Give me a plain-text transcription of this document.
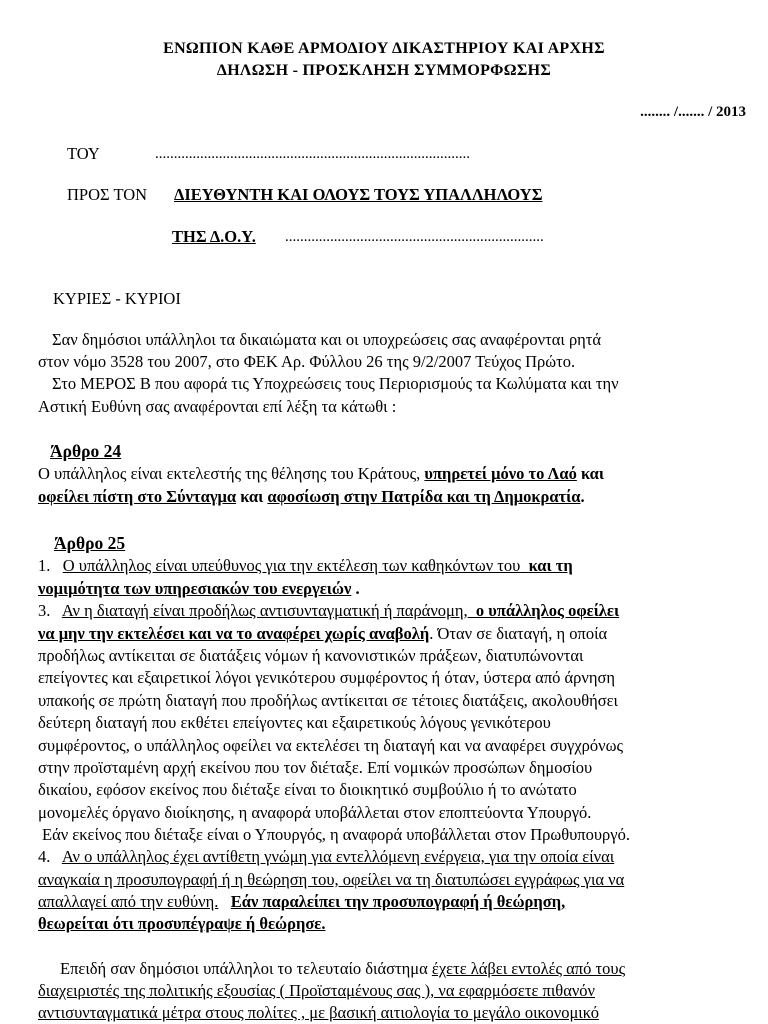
ΕΝΩΠΙΟΝ ΚΑΘΕ ΑΡΜΟΔΙΟΥ ΔΙΚΑΣΤΗΡΙΟΥ ΚΑΙ ΑΡΧΗΣ
ΔΗΛΩΣΗ - ΠΡΟΣΚΛΗΣΗ ΣΥΜΜΟΡΦΩΣΗΣ
........ /....... / 2013
ΤΟΥ	....................................................................................
ΠΡΟΣ ΤΟΝ ΔΙΕΥΘΥΝΤΗ ΚΑΙ ΟΛΟΥΣ ΤΟΥΣ ΥΠΑΛΛΗΛΟΥΣ
ΤΗΣ Δ.Ο.Υ. .....................................................................
ΚΥΡΙΕΣ - ΚΥΡΙΟΙ
Σαν δημόσιοι υπάλληλοι τα δικαιώματα και οι υποχρεώσεις σας αναφέρονται ρητά
στον νόμο 3528 του 2007, στο ΦΕΚ Αρ. Φύλλου 26 της 9/2/2007 Τεύχος Πρώτο.
Στο ΜΕΡΟΣ Β που αφορά τις Υποχρεώσεις τους Περιορισμούς τα Κωλύματα και την
Αστική Ευθύνη σας αναφέρονται επί λέξη τα κάτωθι :
Άρθρο 24
Ο υπάλληλος είναι εκτελεστής της θέλησης του Κράτους, υπηρετεί μόνο το Λαό και
οφείλει πίστη στο Σύνταγμα και αφοσίωση στην Πατρίδα και τη Δημοκρατία.
Άρθρο 25
1. Ο υπάλληλος είναι υπεύθυνος για την εκτέλεση των καθηκόντων του και τη
νομιμότητα των υπηρεσιακών του ενεργειών .
3. Αν η διαταγή είναι προδήλως αντισυνταγματική ή παράνομη, ο υπάλληλος οφείλει
να μην την εκτελέσει και να το αναφέρει χωρίς αναβολή. Όταν σε διαταγή, η οποία
προδήλως αντίκειται σε διατάξεις νόμων ή κανονιστικών πράξεων, διατυπώνονται
επείγοντες και εξαιρετικοί λόγοι γενικότερου συμφέροντος ή όταν, ύστερα από άρνηση
υπακοής σε πρώτη διαταγή που προδήλως αντίκειται σε τέτοιες διατάξεις, ακολουθήσει
δεύτερη διαταγή που εκθέτει επείγοντες και εξαιρετικούς λόγους γενικότερου
συμφέροντος, ο υπάλληλος οφείλει να εκτελέσει τη διαταγή και να αναφέρει συγχρόνως
στην προϊσταμένη αρχή εκείνου που τον διέταξε. Επί νομικών προσώπων δημοσίου
δικαίου, εφόσον εκείνος που διέταξε είναι το διοικητικό συμβούλιο ή το ανώτατο
μονομελές όργανο διοίκησης, η αναφορά υποβάλλεται στον εποπτεύοντα Υπουργό.
Εάν εκείνος που διέταξε είναι ο Υπουργός, η αναφορά υποβάλλεται στον Πρωθυπουργό.
4. Αν ο υπάλληλος έχει αντίθετη γνώμη για εντελλόμενη ενέργεια, για την οποία είναι
αναγκαία η προσυπογραφή ή η θεώρηση του, οφείλει να τη διατυπώσει εγγράφως για να
απαλλαγεί από την ευθύνη. Εάν παραλείπει την προσυπογραφή ή θεώρηση,
θεωρείται ότι προσυπέγραψε ή θεώρησε.
Επειδή σαν δημόσιοι υπάλληλοι το τελευταίο διάστημα έχετε λάβει εντολές από τους
διαχειριστές της πολιτικής εξουσίας ( Προϊσταμένους σας ), να εφαρμόσετε πιθανόν
αντισυνταγματικά μέτρα στους πολίτες , με βασική αιτιολογία το μεγάλο οικονομικό
